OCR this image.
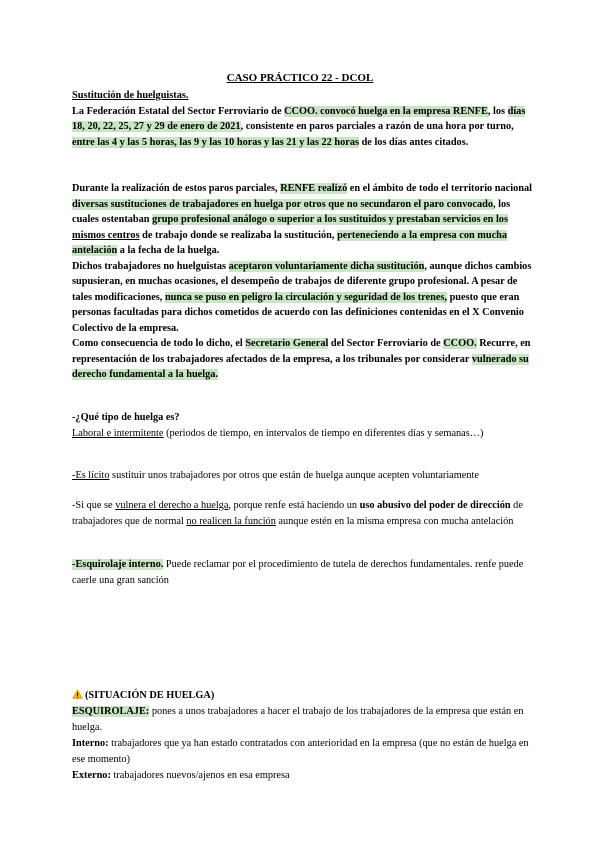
CASO PRÁCTICO 22 - DCOL
Sustitución de huelguistas.
La Federación Estatal del Sector Ferroviario de CCOO. convocó huelga en la empresa RENFE, los días 18, 20, 22, 25, 27 y 29 de enero de 2021, consistente en paros parciales a razón de una hora por turno, entre las 4 y las 5 horas, las 9 y las 10 horas y las 21 y las 22 horas de los días antes citados.
Durante la realización de estos paros parciales, RENFE realizó en el ámbito de todo el territorio nacional diversas sustituciones de trabajadores en huelga por otros que no secundaron el paro convocado, los cuales ostentaban grupo profesional análogo o superior a los sustituidos y prestaban servicios en los mismos centros de trabajo donde se realizaba la sustitución, perteneciendo a la empresa con mucha antelación a la fecha de la huelga.
Dichos trabajadores no huelguistas aceptaron voluntariamente dicha sustitución, aunque dichos cambios supusieran, en muchas ocasiones, el desempeño de trabajos de diferente grupo profesional. A pesar de tales modificaciones, nunca se puso en peligro la circulación y seguridad de los trenes, puesto que eran personas facultadas para dichos cometidos de acuerdo con las definiciones contenidas en el X Convenio Colectivo de la empresa.
Como consecuencia de todo lo dicho, el Secretario General del Sector Ferroviario de CCOO. Recurre, en representación de los trabajadores afectados de la empresa, a los tribunales por considerar vulnerado su derecho fundamental a la huelga.
-¿Qué tipo de huelga es?
Laboral e intermitente (periodos de tiempo, en intervalos de tiempo en diferentes días y semanas…)
-Es lícito sustituir unos trabajadores por otros que están de huelga aunque acepten voluntariamente
-Si que se vulnera el derecho a huelga, porque renfe está haciendo un uso abusivo del poder de dirección de trabajadores que de normal no realicen la función aunque estén en la misma empresa con mucha antelación
-Esquirolaje interno. Puede reclamar por el procedimiento de tutela de derechos fundamentales. renfe puede caerle una gran sanción
(SITUACIÓN DE HUELGA)
ESQUIROLAJE: pones a unos trabajadores a hacer el trabajo de los trabajadores de la empresa que están en huelga.
Interno: trabajadores que ya han estado contratados con anterioridad en la empresa (que no están de huelga en ese momento)
Externo: trabajadores nuevos/ajenos en esa empresa
